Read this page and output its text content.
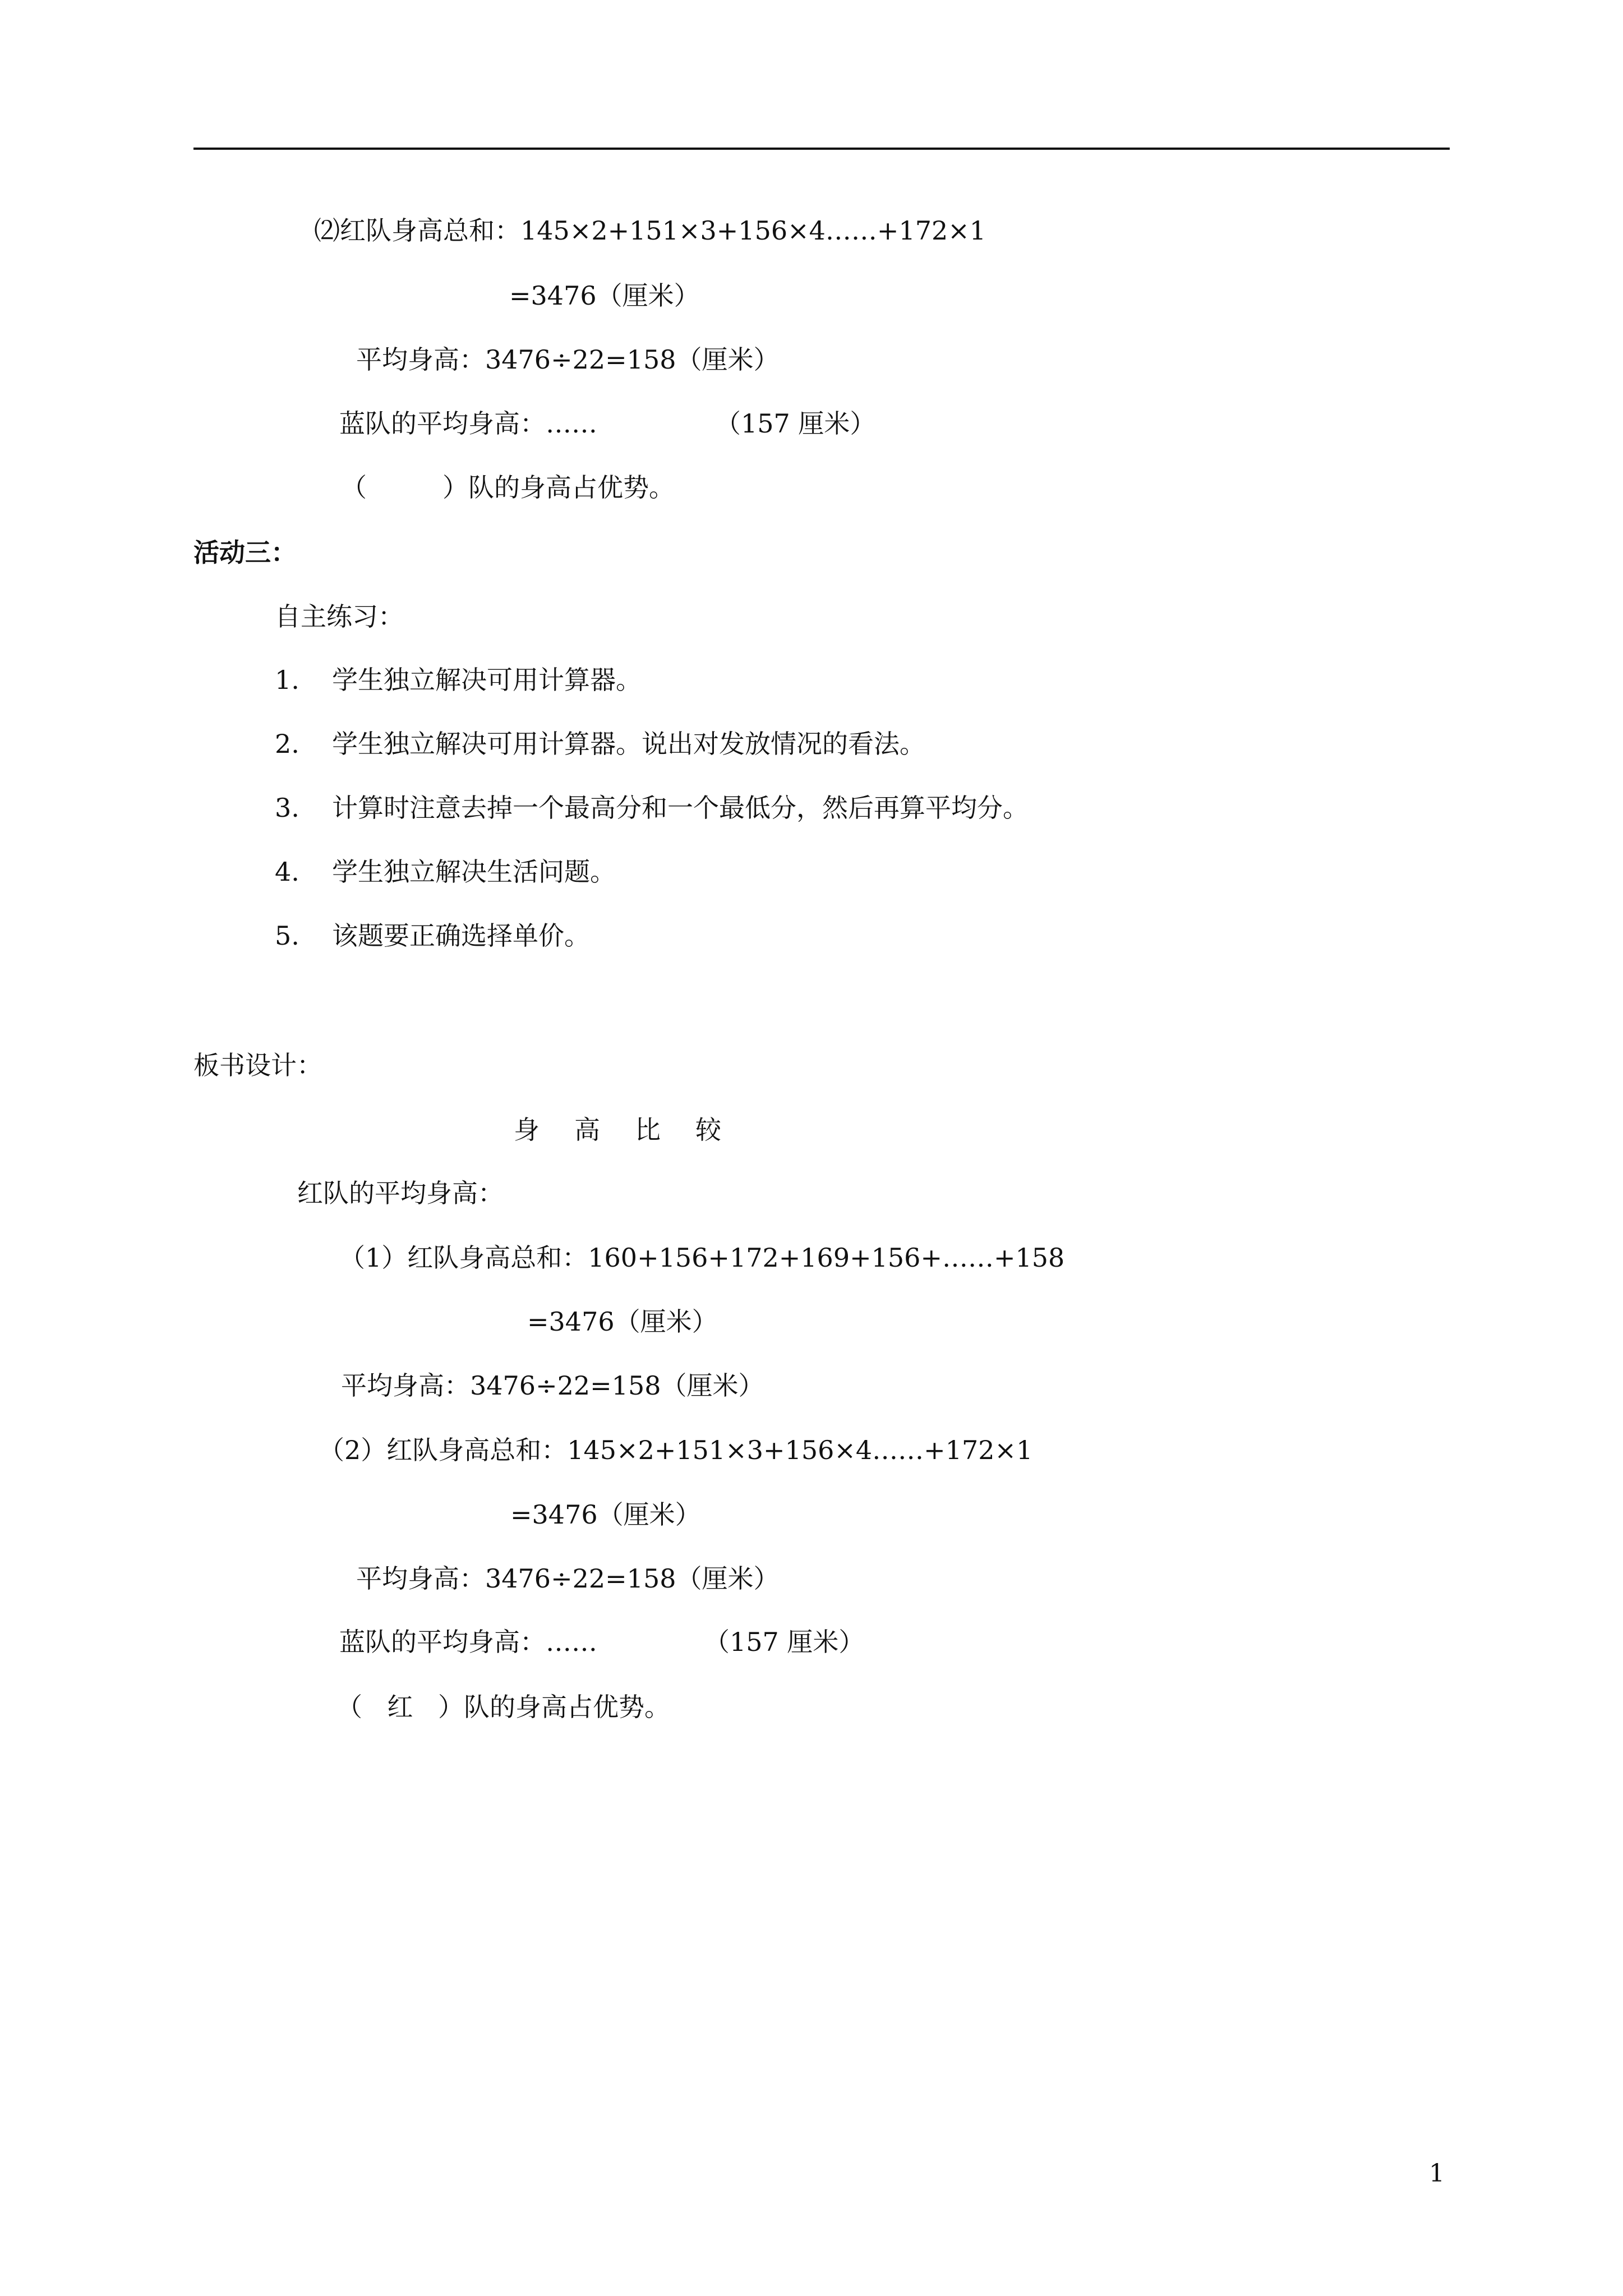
⑵红队身高总和：145×2+151×3+156×4……+172×1
=3476（厘米）
平均身高：3476÷22=158（厘米）
蓝队的平均身高：……	（157 厘米）
（	）队的身高占优势。
活动三：
自主练习：
1. 学生独立解决可用计算器。
2. 学生独立解决可用计算器。说出对发放情况的看法。
3. 计算时注意去掉一个最高分和一个最低分，然后再算平均分。
4. 学生独立解决生活问题。
5. 该题要正确选择单价。
板书设计：
身 高 比 较
红队的平均身高：
（1）红队身高总和：160+156+172+169+156+……+158
=3476（厘米）
平均身高：3476÷22=158（厘米）
（2）红队身高总和：145×2+151×3+156×4……+172×1
=3476（厘米）
平均身高：3476÷22=158（厘米）
蓝队的平均身高：……	（157 厘米）
（ 红 ）队的身高占优势。
1
